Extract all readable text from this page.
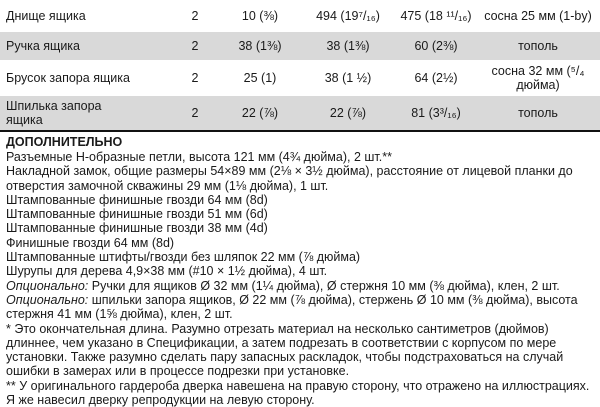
Днище ящика	2	10 (⅜)	494 (19⁷/₁₆)	475 (18 ¹¹/₁₆)	сосна 25 мм (1-by)
Ручка ящика	2	38 (1⅜)	38 (1⅜)	60 (2⅜)	тополь
Брусок запора ящика	2	25 (1)	38 (1 ½)	64 (2½)	сосна 32 мм (⁵/₄ дюйма)
Шпилька запора ящика	2	22 (⅞)	22 (⅞)	81 (3³/₁₆)	тополь
ДОПОЛНИТЕЛЬНО
Разъемные Н-образные петли, высота 121 мм (4¾ дюйма), 2 шт.**
Накладной замок, общие размеры 54×89 мм (2⅛ × 3½ дюйма), расстояние от лицевой планки до
отверстия замочной скважины 29 мм (1⅛ дюйма), 1 шт.
Штампованные финишные гвозди 64 мм (8d)
Штампованные финишные гвозди 51 мм (6d)
Штампованные финишные гвозди 38 мм (4d)
Финишные гвозди 64 мм (8d)
Штампованные штифты/гвозди без шляпок 22 мм (⅞ дюйма)
Шурупы для дерева 4,9×38 мм (#10 × 1½ дюйма), 4 шт.
Опционально: Ручки для ящиков Ø 32 мм (1¼ дюйма), Ø стержня 10 мм (⅜ дюйма), клен, 2 шт.
Опционально: шпильки запора ящиков, Ø 22 мм (⅞ дюйма), стержень Ø 10 мм (⅜ дюйма), высота стержня 41 мм (1⅝ дюйма), клен, 2 шт.
* Это окончательная длина. Разумно отрезать материал на несколько сантиметров (дюймов) длиннее, чем указано в Спецификации, а затем подрезать в соответствии с корпусом по мере установки. Также разумно сделать пару запасных раскладок, чтобы подстраховаться на случай ошибки в замерах или в процессе подрезки при установке.
** У оригинального гардероба дверка навешена на правую сторону, что отражено на иллюстрациях. Я же навесил дверку репродукции на левую сторону.
